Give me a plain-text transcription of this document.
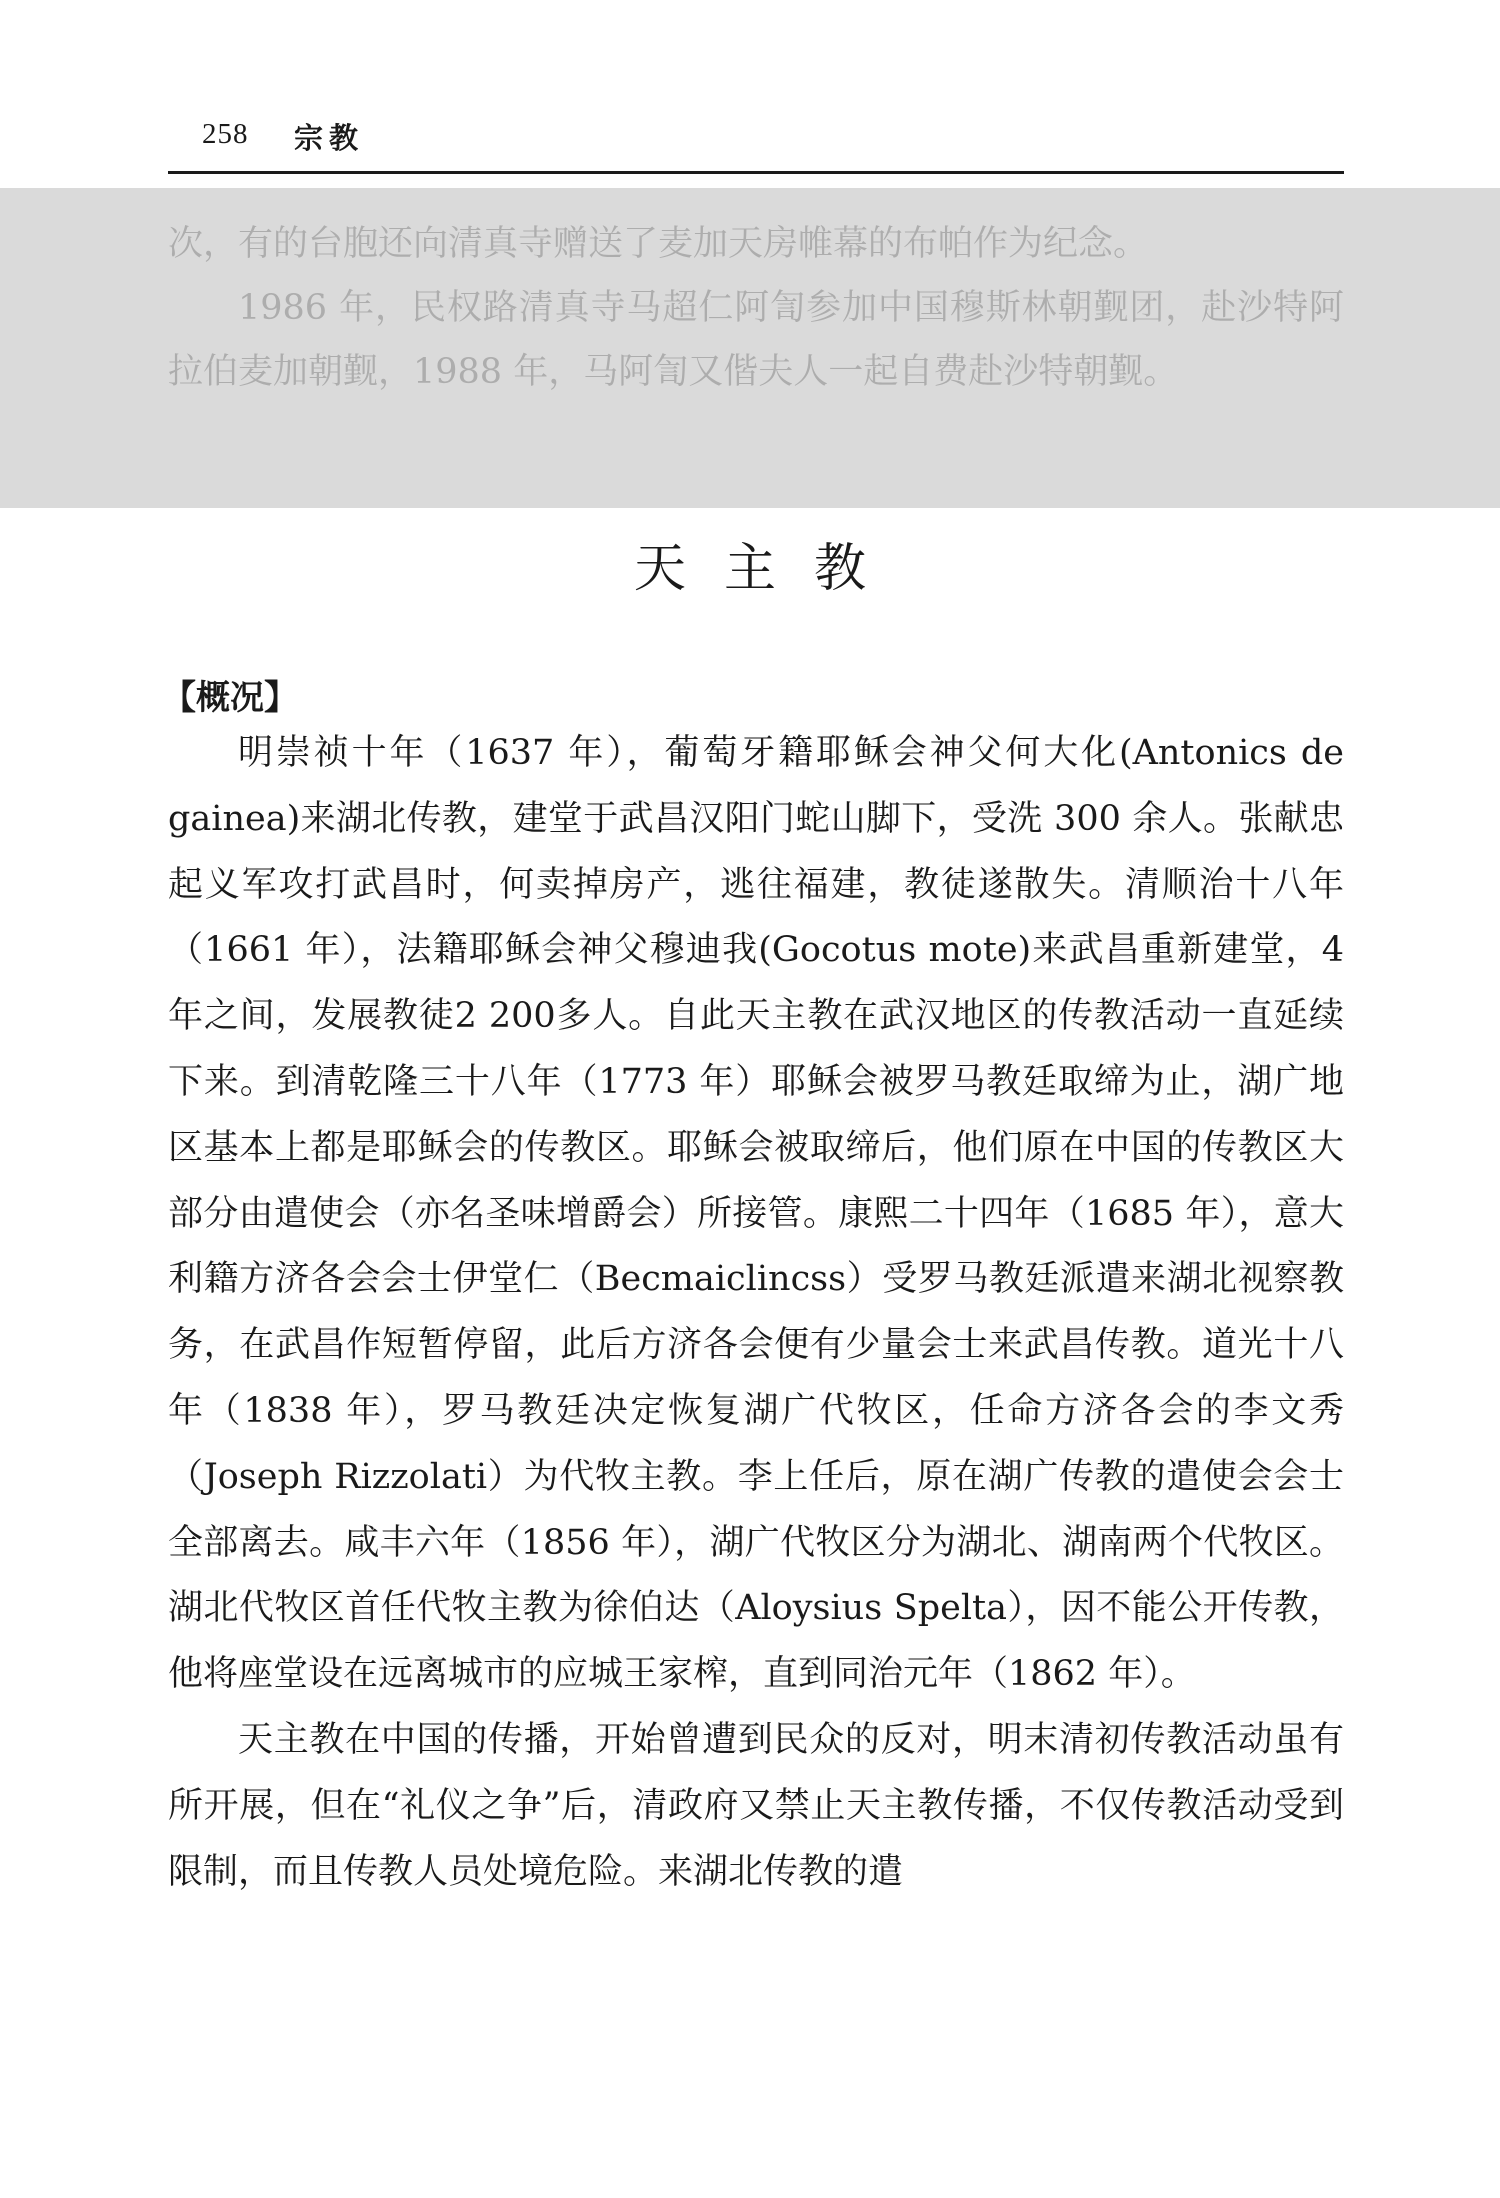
258 宗教

次，有的台胞还向清真寺赠送了麦加天房帷幕的布帕作为纪念。

1986 年，民权路清真寺马超仁阿訇参加中国穆斯林朝觐团，赴沙特阿拉伯麦加朝觐，1988 年，马阿訇又偕夫人一起自费赴沙特朝觐。

天主教
【概况】

明崇祯十年（1637 年），葡萄牙籍耶稣会神父何大化(Antonics de gainea)来湖北传教，建堂于武昌汉阳门蛇山脚下，受洗 300 余人。张献忠起义军攻打武昌时，何卖掉房产，逃往福建，教徒遂散失。清顺治十八年（1661 年），法籍耶稣会神父穆迪我(Gocotus mote)来武昌重新建堂，4 年之间，发展教徒2 200多人。自此天主教在武汉地区的传教活动一直延续下来。到清乾隆三十八年（1773 年）耶稣会被罗马教廷取缔为止，湖广地区基本上都是耶稣会的传教区。耶稣会被取缔后，他们原在中国的传教区大部分由遣使会（亦名圣味增爵会）所接管。康熙二十四年（1685 年），意大利籍方济各会会士伊堂仁（Becmaiclincss）受罗马教廷派遣来湖北视察教务，在武昌作短暂停留，此后方济各会便有少量会士来武昌传教。道光十八年（1838 年），罗马教廷决定恢复湖广代牧区，任命方济各会的李文秀（Joseph Rizzolati）为代牧主教。李上任后，原在湖广传教的遣使会会士全部离去。咸丰六年（1856 年），湖广代牧区分为湖北、湖南两个代牧区。湖北代牧区首任代牧主教为徐伯达（Aloysius Spelta），因不能公开传教，他将座堂设在远离城市的应城王家榨，直到同治元年（1862 年）。

天主教在中国的传播，开始曾遭到民众的反对，明末清初传教活动虽有所开展，但在“礼仪之争”后，清政府又禁止天主教传播，不仅传教活动受到限制，而且传教人员处境危险。来湖北传教的遣
